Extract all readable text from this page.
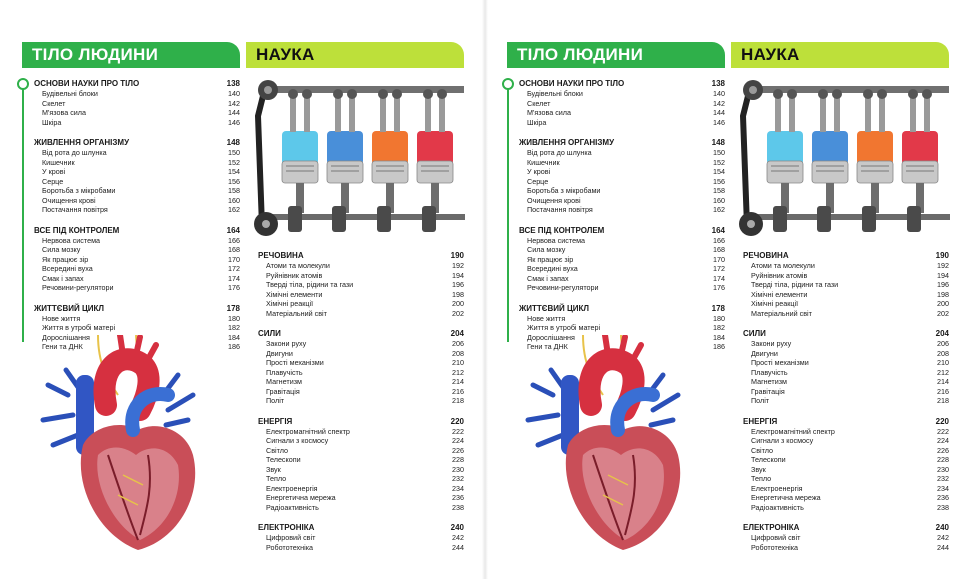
ТІЛО ЛЮДИНИ
ОСНОВИ НАУКИ ПРО ТІЛО	138
Будівельні блоки	140
Скелет	142
М'язова сила	144
Шкіра	146
ЖИВЛЕННЯ ОРГАНІЗМУ	148
Від рота до шлунка	150
Кишечник	152
У крові	154
Серце	156
Боротьба з мікробами	158
Очищення крові	160
Постачання повітря	162
ВСЕ ПІД КОНТРОЛЕМ	164
Нервова система	166
Сила мозку	168
Як працює зір	170
Всередині вуха	172
Смак і запах	174
Речовини-регулятори	176
ЖИТТЄВИЙ ЦИКЛ	178
Нове життя	180
Життя в утробі матері	182
Дорослішання	184
Гени та ДНК	186
НАУКА
РЕЧОВИНА	190
Атоми та молекули	192
Руйнівник атомів	194
Тверді тіла, рідини та гази	196
Хімічні елементи	198
Хімічні реакції	200
Матеріальний світ	202
СИЛИ	204
Закони руху	206
Двигуни	208
Прості механізми	210
Плавучість	212
Магнетизм	214
Гравітація	216
Політ	218
ЕНЕРГІЯ	220
Електромагнітний спектр	222
Сигнали з космосу	224
Світло	226
Телескопи	228
Звук	230
Тепло	232
Електроенергія	234
Енергетична мережа	236
Радіоактивність	238
ЕЛЕКТРОНІКА	240
Цифровий світ	242
Робототехніка	244
ТІЛО ЛЮДИНИ
ОСНОВИ НАУКИ ПРО ТІЛО	138
Будівельні блоки	140
Скелет	142
М'язова сила	144
Шкіра	146
ЖИВЛЕННЯ ОРГАНІЗМУ	148
Від рота до шлунка	150
Кишечник	152
У крові	154
Серце	156
Боротьба з мікробами	158
Очищення крові	160
Постачання повітря	162
ВСЕ ПІД КОНТРОЛЕМ	164
Нервова система	166
Сила мозку	168
Як працює зір	170
Всередині вуха	172
Смак і запах	174
Речовини-регулятори	176
ЖИТТЄВИЙ ЦИКЛ	178
Нове життя	180
Життя в утробі матері	182
Дорослішання	184
Гени та ДНК	186
НАУКА
РЕЧОВИНА	190
Атоми та молекули	192
Руйнівник атомів	194
Тверді тіла, рідини та гази	196
Хімічні елементи	198
Хімічні реакції	200
Матеріальний світ	202
СИЛИ	204
Закони руху	206
Двигуни	208
Прості механізми	210
Плавучість	212
Магнетизм	214
Гравітація	216
Політ	218
ЕНЕРГІЯ	220
Електромагнітний спектр	222
Сигнали з космосу	224
Світло	226
Телескопи	228
Звук	230
Тепло	232
Електроенергія	234
Енергетична мережа	236
Радіоактивність	238
ЕЛЕКТРОНІКА	240
Цифровий світ	242
Робототехніка	244
